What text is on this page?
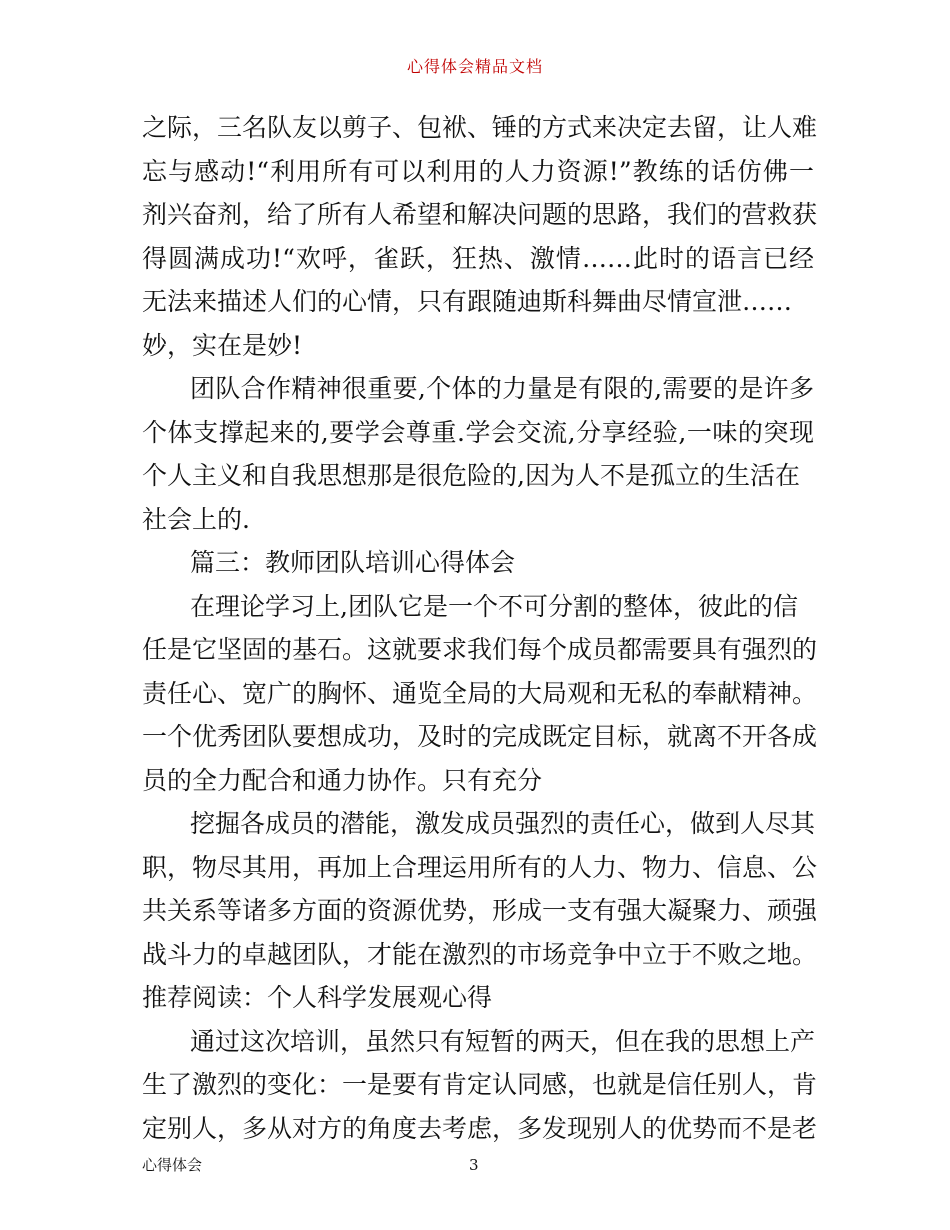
心得体会精品文档
之际，三名队友以剪子、包袱、锤的方式来决定去留，让人难
忘与感动!“利用所有可以利用的人力资源!”教练的话仿佛一
剂兴奋剂，给了所有人希望和解决问题的思路，我们的营救获
得圆满成功!“欢呼，雀跃，狂热、激情……此时的语言已经
无法来描述人们的心情，只有跟随迪斯科舞曲尽情宣泄……
妙，实在是妙!
团队合作精神很重要,个体的力量是有限的,需要的是许多
个体支撑起来的,要学会尊重.学会交流,分享经验,一味的突现
个人主义和自我思想那是很危险的,因为人不是孤立的生活在
社会上的.
篇三：教师团队培训心得体会
在理论学习上,团队它是一个不可分割的整体，彼此的信
任是它坚固的基石。这就要求我们每个成员都需要具有强烈的
责任心、宽广的胸怀、通览全局的大局观和无私的奉献精神。
一个优秀团队要想成功，及时的完成既定目标，就离不开各成
员的全力配合和通力协作。只有充分
挖掘各成员的潜能，激发成员强烈的责任心，做到人尽其
职，物尽其用，再加上合理运用所有的人力、物力、信息、公
共关系等诸多方面的资源优势，形成一支有强大凝聚力、顽强
战斗力的卓越团队，才能在激烈的市场竞争中立于不败之地。
推荐阅读：个人科学发展观心得
通过这次培训，虽然只有短暂的两天，但在我的思想上产
生了激烈的变化：一是要有肯定认同感，也就是信任别人，肯
定别人，多从对方的角度去考虑，多发现别人的优势而不是老
心得体会	3
